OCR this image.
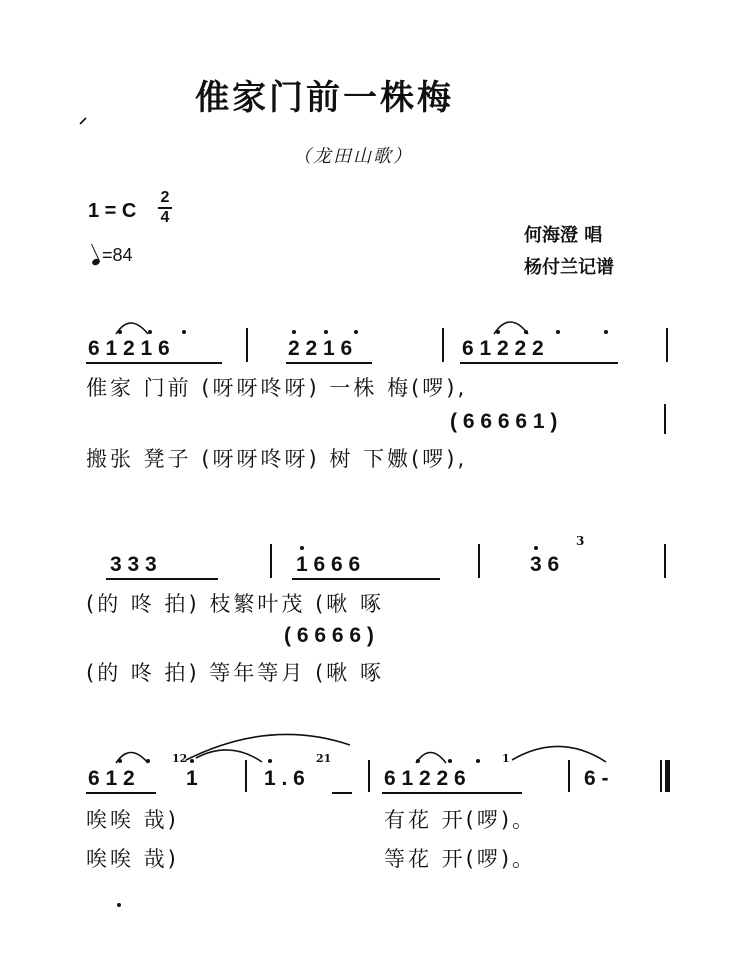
倠家门前一株梅
（龙田山歌）
1 = C
2
4
=84
何海澄 唱
杨付兰记谱
6 1 2 1 6	2 2 1 6	6 1 2 2 2
倠家 门前 (呀呀咚呀) 一株 梅(啰),
( 6 6 6 6 1 )
搬张 凳子 (呀呀咚呀) 树 下嫐(啰),
3 3 3	1 6 6 6	3 6
3
(的 咚 拍) 枝繁叶茂 (啾 啄
( 6 6 6 6 )
(的 咚 拍) 等年等月 (啾 啄
6 1 2 1
12
1 . 6
21
6 1 2 2 6
1
6 -
唉唉 哉)	有花 开(啰)。
唉唉 哉)	等花 开(啰)。
